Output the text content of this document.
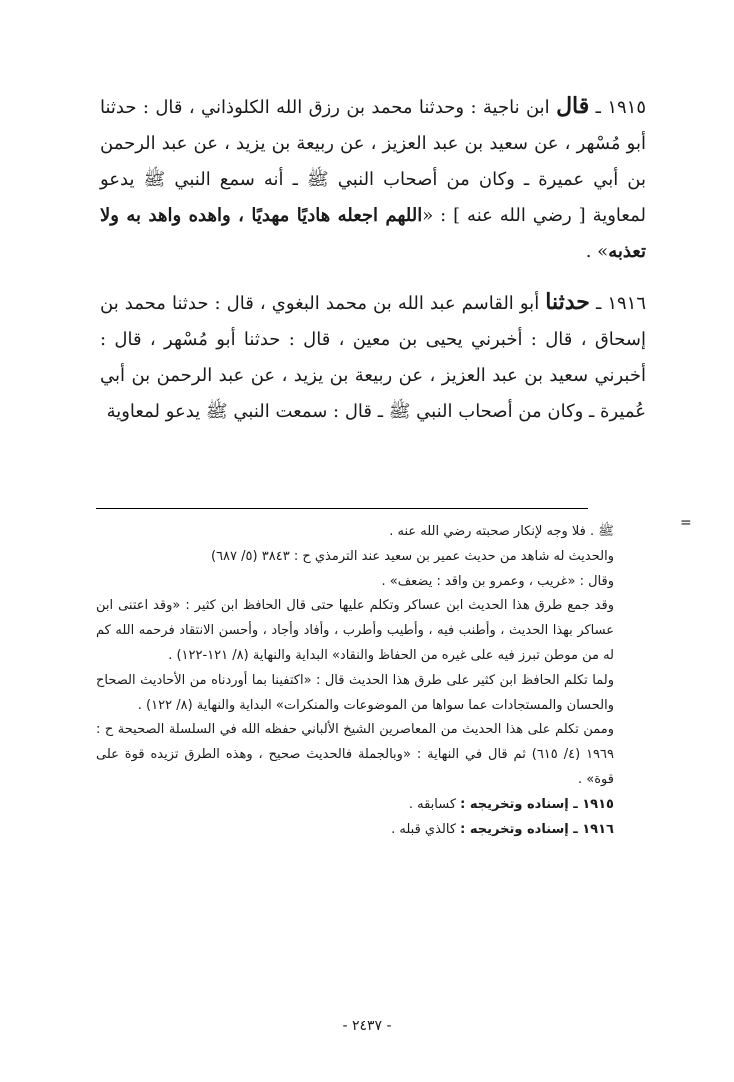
١٩١٥ ـ قال ابن ناجية : وحدثنا محمد بن رزق الله الكلوذاني ، قال : حدثنا أبو مُسْهر ، عن سعيد بن عبد العزيز ، عن ربيعة بن يزيد ، عن عبد الرحمن بن أبي عميرة ـ وكان من أصحاب النبي ﷺ ـ أنه سمع النبي ﷺ يدعو لمعاوية [ رضي الله عنه ] : «اللهم اجعله هاديًا مهديًا ، واهده واهد به ولا تعذبه» .

١٩١٦ ـ حدثنا أبو القاسم عبد الله بن محمد البغوي ، قال : حدثنا محمد بن إسحاق ، قال : أخبرني يحيى بن معين ، قال : حدثنا أبو مُسْهر ، قال : أخبرني سعيد بن عبد العزيز ، عن ربيعة بن يزيد ، عن عبد الرحمن بن أبي عُميرة ـ وكان من أصحاب النبي ﷺ ـ قال : سمعت النبي ﷺ يدعو لمعاوية

=

ﷺ . فلا وجه لإنكار صحبته رضي الله عنه .

والحديث له شاهد من حديث عمير بن سعيد عند الترمذي ح : ٣٨٤٣ (٥/ ٦٨٧)

وقال : «غريب ، وعمرو بن واقد : يضعف» .

وقد جمع طرق هذا الحديث ابن عساكر وتكلم عليها حتى قال الحافظ ابن كثير : «وقد اعتنى ابن عساكر بهذا الحديث ، وأطنب فيه ، وأطيب وأطرب ، وأفاد وأجاد ، وأحسن الانتقاد فرحمه الله كم له من موطن تبرز فيه على غيره من الحفاظ والنقاد» البداية والنهاية (٨/ ١٢١-١٢٢) .

ولما تكلم الحافظ ابن كثير على طرق هذا الحديث قال : «اكتفينا بما أوردناه من الأحاديث الصحاح والحسان والمستجادات عما سواها من الموضوعات والمنكرات» البداية والنهاية (٨/ ١٢٢) .

وممن تكلم على هذا الحديث من المعاصرين الشيخ الألباني حفظه الله في السلسلة الصحيحة ح : ١٩٦٩ (٤/ ٦١٥) ثم قال في النهاية : «وبالجملة فالحديث صحيح ، وهذه الطرق تزيده قوة على قوة» .

١٩١٥ ـ إسناده وتخريجه : كسابقه .

١٩١٦ ـ إسناده وتخريجه : كالذي قبله .

- ٢٤٣٧ -
